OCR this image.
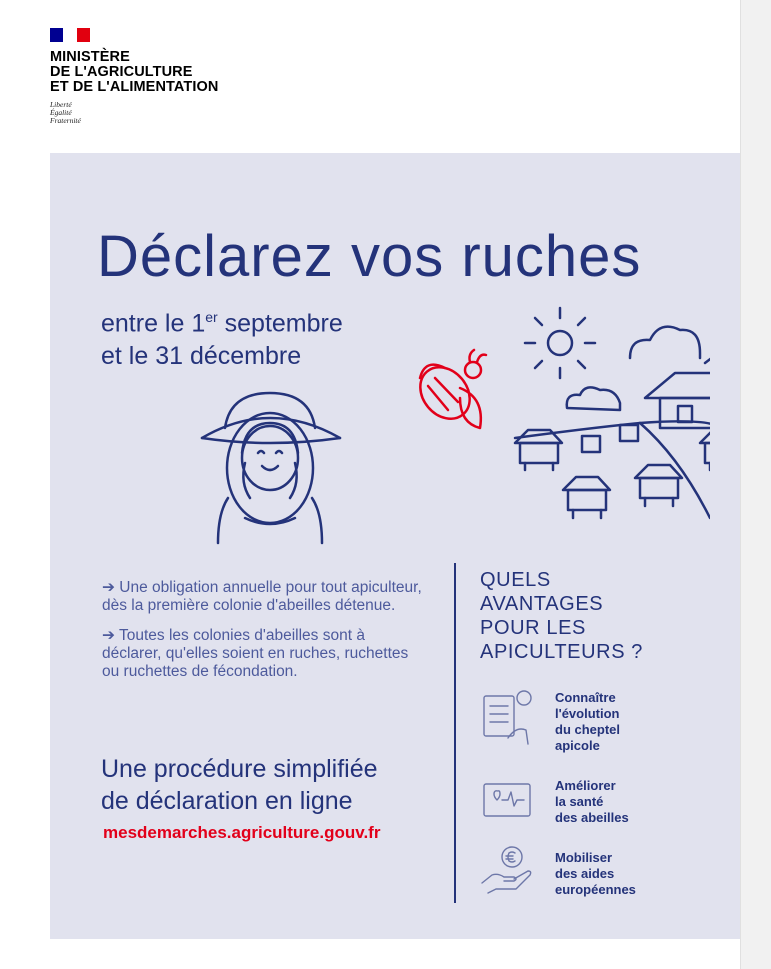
MINISTÈRE
DE L'AGRICULTURE
ET DE L'ALIMENTATION
Liberté
Égalité
Fraternité
Déclarez vos ruches
entre le 1er septembre
et le 31 décembre

➔ Une obligation annuelle pour tout apiculteur, dès la première colonie d'abeilles détenue.

➔ Toutes les colonies d'abeilles sont à déclarer, qu'elles soient en ruches, ruchettes ou ruchettes de fécondation.

Une procédure simplifiée
de déclaration en ligne
mesdemarches.agriculture.gouv.fr
QUELS
AVANTAGES
POUR LES
APICULTEURS ?
Connaître
l'évolution
du cheptel
apicole
Améliorer
la santé
des abeilles
Mobiliser
des aides
européennes
